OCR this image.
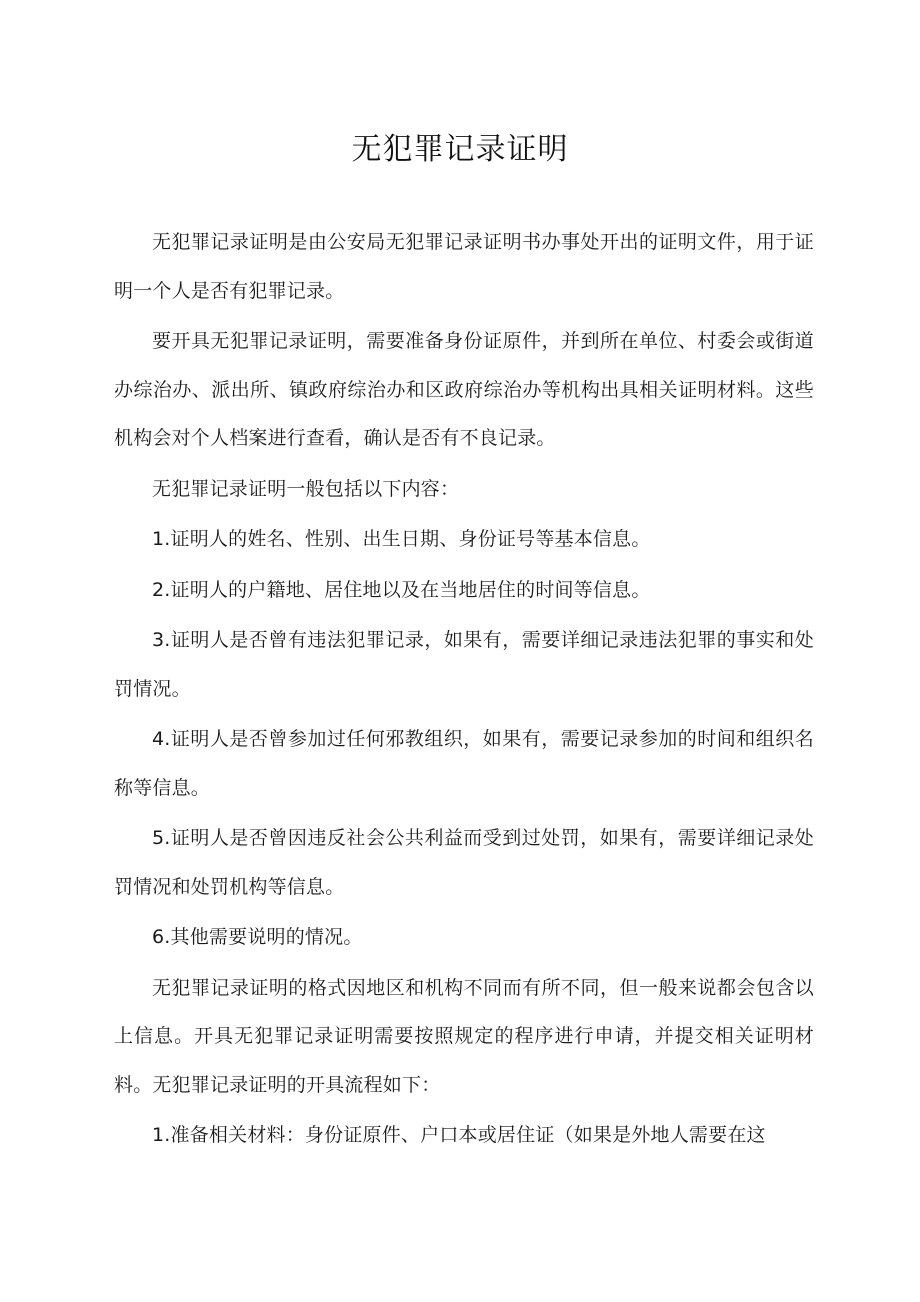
无犯罪记录证明

无犯罪记录证明是由公安局无犯罪记录证明书办事处开出的证明文件，用于证明一个人是否有犯罪记录。

要开具无犯罪记录证明，需要准备身份证原件，并到所在单位、村委会或街道办综治办、派出所、镇政府综治办和区政府综治办等机构出具相关证明材料。这些机构会对个人档案进行查看，确认是否有不良记录。

无犯罪记录证明一般包括以下内容：

1.证明人的姓名、性别、出生日期、身份证号等基本信息。

2.证明人的户籍地、居住地以及在当地居住的时间等信息。

3.证明人是否曾有违法犯罪记录，如果有，需要详细记录违法犯罪的事实和处罚情况。

4.证明人是否曾参加过任何邪教组织，如果有，需要记录参加的时间和组织名称等信息。

5.证明人是否曾因违反社会公共利益而受到过处罚，如果有，需要详细记录处罚情况和处罚机构等信息。

6.其他需要说明的情况。

无犯罪记录证明的格式因地区和机构不同而有所不同，但一般来说都会包含以上信息。开具无犯罪记录证明需要按照规定的程序进行申请，并提交相关证明材料。无犯罪记录证明的开具流程如下：

1.准备相关材料：身份证原件、户口本或居住证（如果是外地人需要在这
